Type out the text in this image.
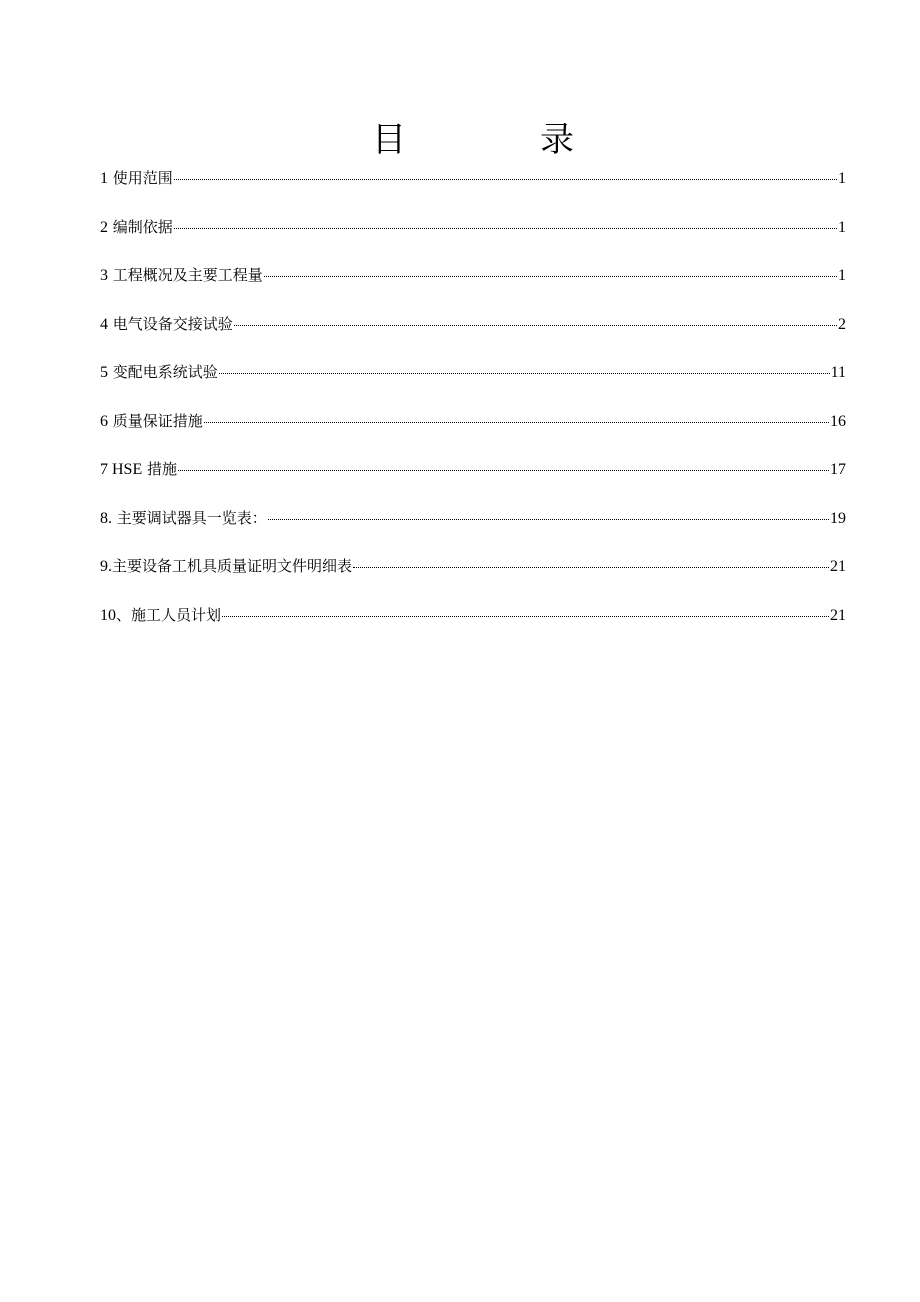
目	录
1 使用范围	1
2 编制依据	1
3 工程概况及主要工程量	1
4 电气设备交接试验	2
5 变配电系统试验	11
6 质量保证措施	16
7 HSE 措施	17
8. 主要调试器具一览表：	19
9.主要设备工机具质量证明文件明细表	21
10、施工人员计划	21
